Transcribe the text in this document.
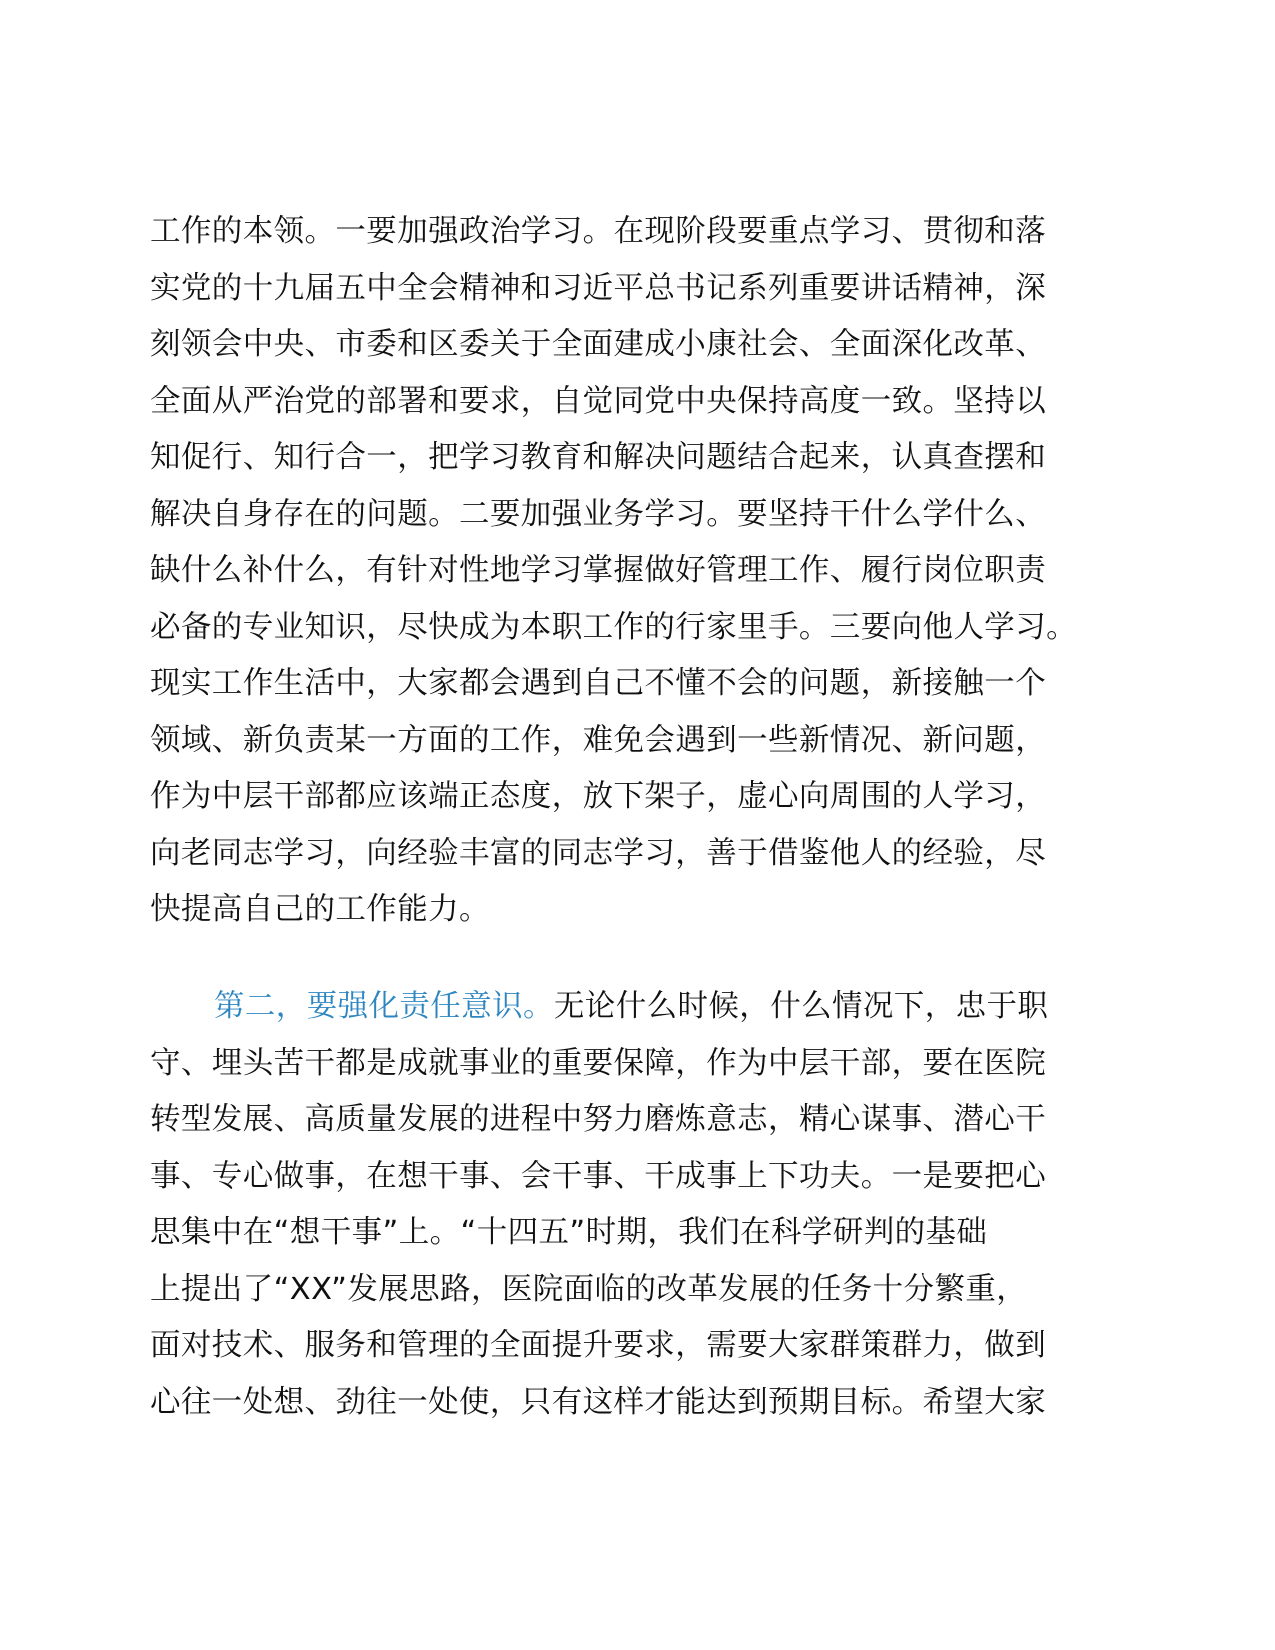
工作的本领。一要加强政治学习。在现阶段要重点学习、贯彻和落
实党的十九届五中全会精神和习近平总书记系列重要讲话精神，深
刻领会中央、市委和区委关于全面建成小康社会、全面深化改革、
全面从严治党的部署和要求，自觉同党中央保持高度一致。坚持以
知促行、知行合一，把学习教育和解决问题结合起来，认真查摆和
解决自身存在的问题。二要加强业务学习。要坚持干什么学什么、
缺什么补什么，有针对性地学习掌握做好管理工作、履行岗位职责
必备的专业知识，尽快成为本职工作的行家里手。三要向他人学习。
现实工作生活中，大家都会遇到自己不懂不会的问题，新接触一个
领域、新负责某一方面的工作，难免会遇到一些新情况、新问题，
作为中层干部都应该端正态度，放下架子，虚心向周围的人学习，
向老同志学习，向经验丰富的同志学习，善于借鉴他人的经验，尽
快提高自己的工作能力。
第二，要强化责任意识。无论什么时候，什么情况下，忠于职
守、埋头苦干都是成就事业的重要保障，作为中层干部，要在医院
转型发展、高质量发展的进程中努力磨炼意志，精心谋事、潜心干
事、专心做事，在想干事、会干事、干成事上下功夫。一是要把心
思集中在“想干事”上。“十四五”时期，我们在科学研判的基础
上提出了“XX”发展思路，医院面临的改革发展的任务十分繁重，
面对技术、服务和管理的全面提升要求，需要大家群策群力，做到
心往一处想、劲往一处使，只有这样才能达到预期目标。希望大家
